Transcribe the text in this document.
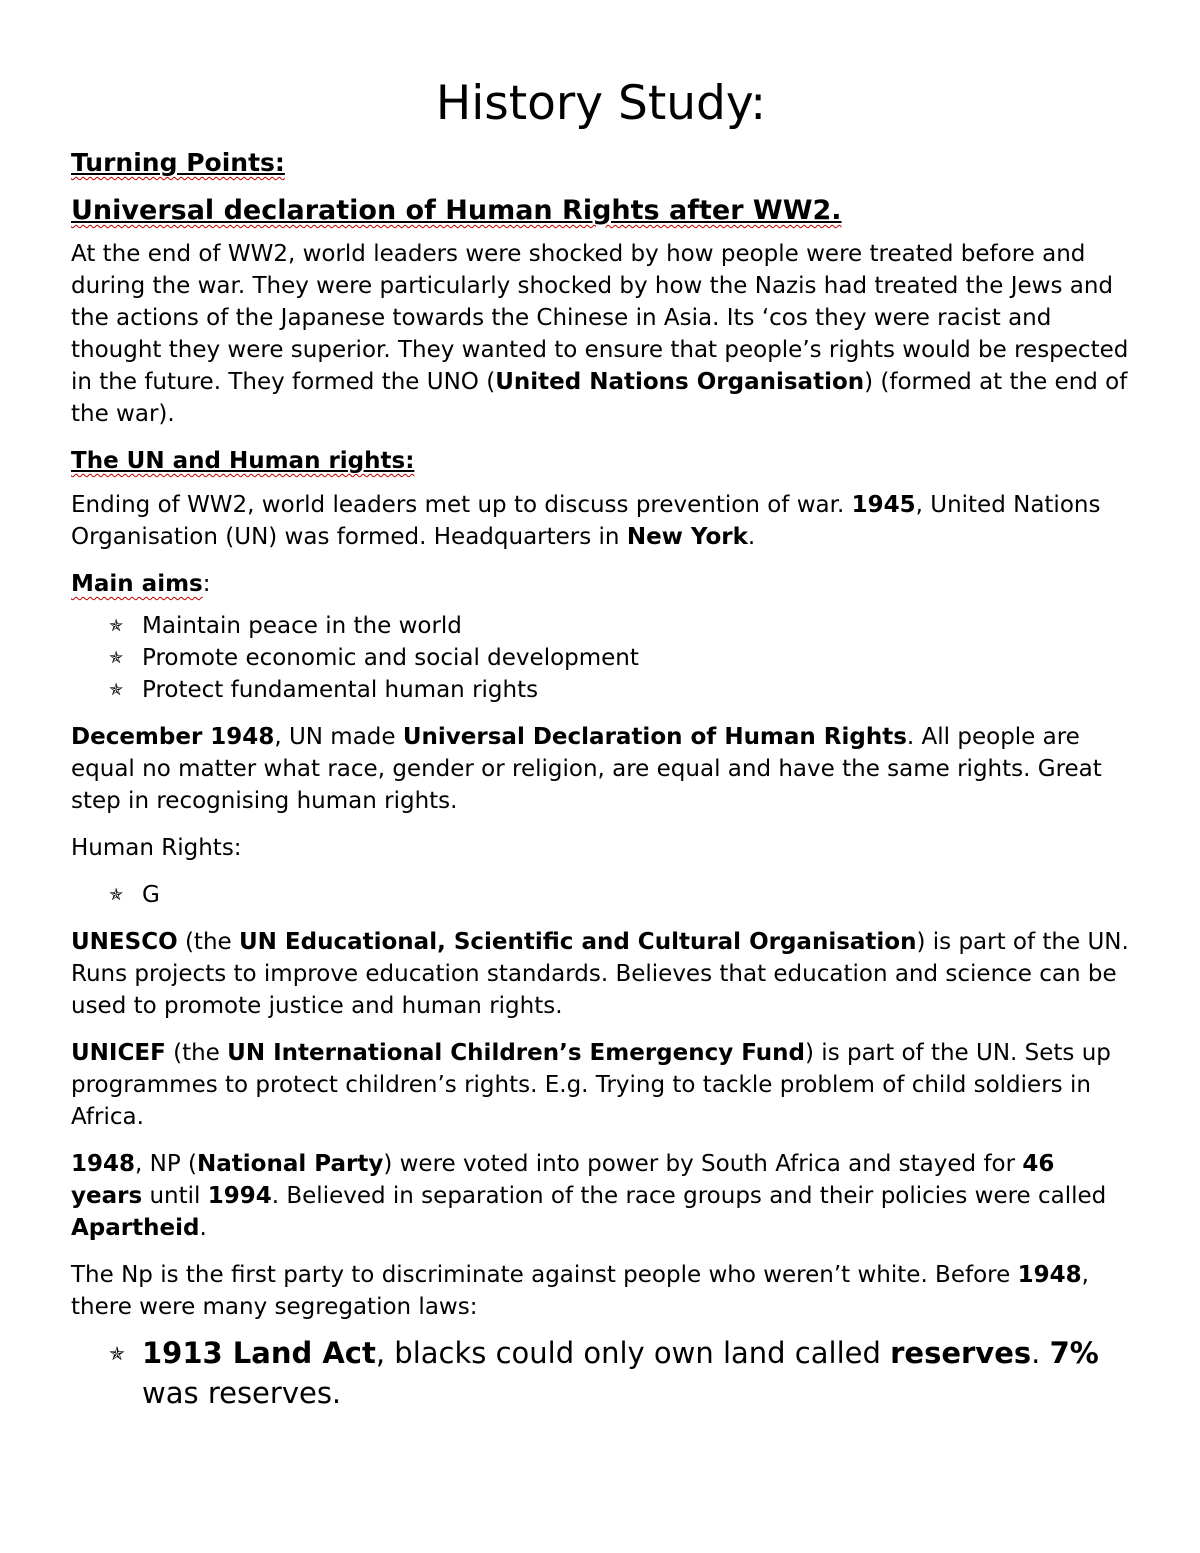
History Study:
Turning Points:
Universal declaration of Human Rights after WW2.

At the end of WW2, world leaders were shocked by how people were treated before and during the war. They were particularly shocked by how the Nazis had treated the Jews and the actions of the Japanese towards the Chinese in Asia. Its ‘cos they were racist and thought they were superior. They wanted to ensure that people’s rights would be respected in the future. They formed the UNO (United Nations Organisation) (formed at the end of the war).

The UN and Human rights:

Ending of WW2, world leaders met up to discuss prevention of war. 1945, United Nations Organisation (UN) was formed. Headquarters in New York.

Main aims:

✯ Maintain peace in the world
✯ Promote economic and social development
✯ Protect fundamental human rights

December 1948, UN made Universal Declaration of Human Rights. All people are equal no matter what race, gender or religion, are equal and have the same rights. Great step in recognising human rights.

Human Rights:

✯ G

UNESCO (the UN Educational, Scientific and Cultural Organisation) is part of the UN. Runs projects to improve education standards. Believes that education and science can be used to promote justice and human rights.

UNICEF (the UN International Children’s Emergency Fund) is part of the UN. Sets up programmes to protect children’s rights. E.g. Trying to tackle problem of child soldiers in Africa.

1948, NP (National Party) were voted into power by South Africa and stayed for 46 years until 1994. Believed in separation of the race groups and their policies were called Apartheid.

The Np is the first party to discriminate against people who weren’t white. Before 1948, there were many segregation laws:

✯ 1913 Land Act, blacks could only own land called reserves. 7% was reserves.
